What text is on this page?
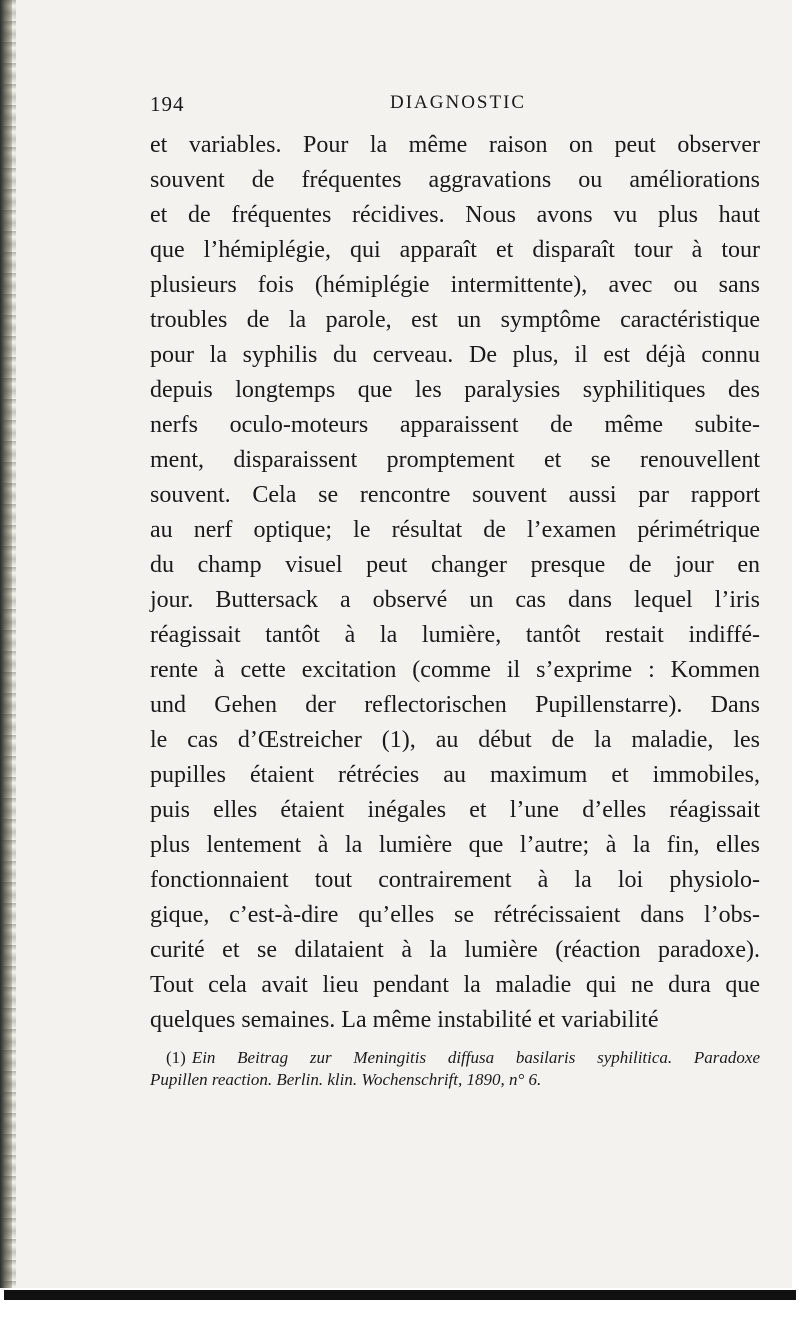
194	DIAGNOSTIC
et variables. Pour la même raison on peut observer
souvent de fréquentes aggravations ou améliorations
et de fréquentes récidives. Nous avons vu plus haut
que l’hémiplégie, qui apparaît et disparaît tour à tour
plusieurs fois (hémiplégie intermittente), avec ou sans
troubles de la parole, est un symptôme caractéristique
pour la syphilis du cerveau. De plus, il est déjà connu
depuis longtemps que les paralysies syphilitiques des
nerfs oculo-moteurs apparaissent de même subite-
ment, disparaissent promptement et se renouvellent
souvent. Cela se rencontre souvent aussi par rapport
au nerf optique; le résultat de l’examen périmétrique
du champ visuel peut changer presque de jour en
jour. Buttersack a observé un cas dans lequel l’iris
réagissait tantôt à la lumière, tantôt restait indiffé-
rente à cette excitation (comme il s’exprime : Kommen
und Gehen der reflectorischen Pupillenstarre). Dans
le cas d’Œstreicher (1), au début de la maladie, les
pupilles étaient rétrécies au maximum et immobiles,
puis elles étaient inégales et l’une d’elles réagissait
plus lentement à la lumière que l’autre; à la fin, elles
fonctionnaient tout contrairement à la loi physiolo-
gique, c’est-à-dire qu’elles se rétrécissaient dans l’obs-
curité et se dilataient à la lumière (réaction paradoxe).
Tout cela avait lieu pendant la maladie qui ne dura que
quelques semaines. La même instabilité et variabilité
(1) Ein Beitrag zur Meningitis diffusa basilaris syphilitica. Paradoxe
Pupillen reaction. Berlin. klin. Wochenschrift, 1890, n° 6.
